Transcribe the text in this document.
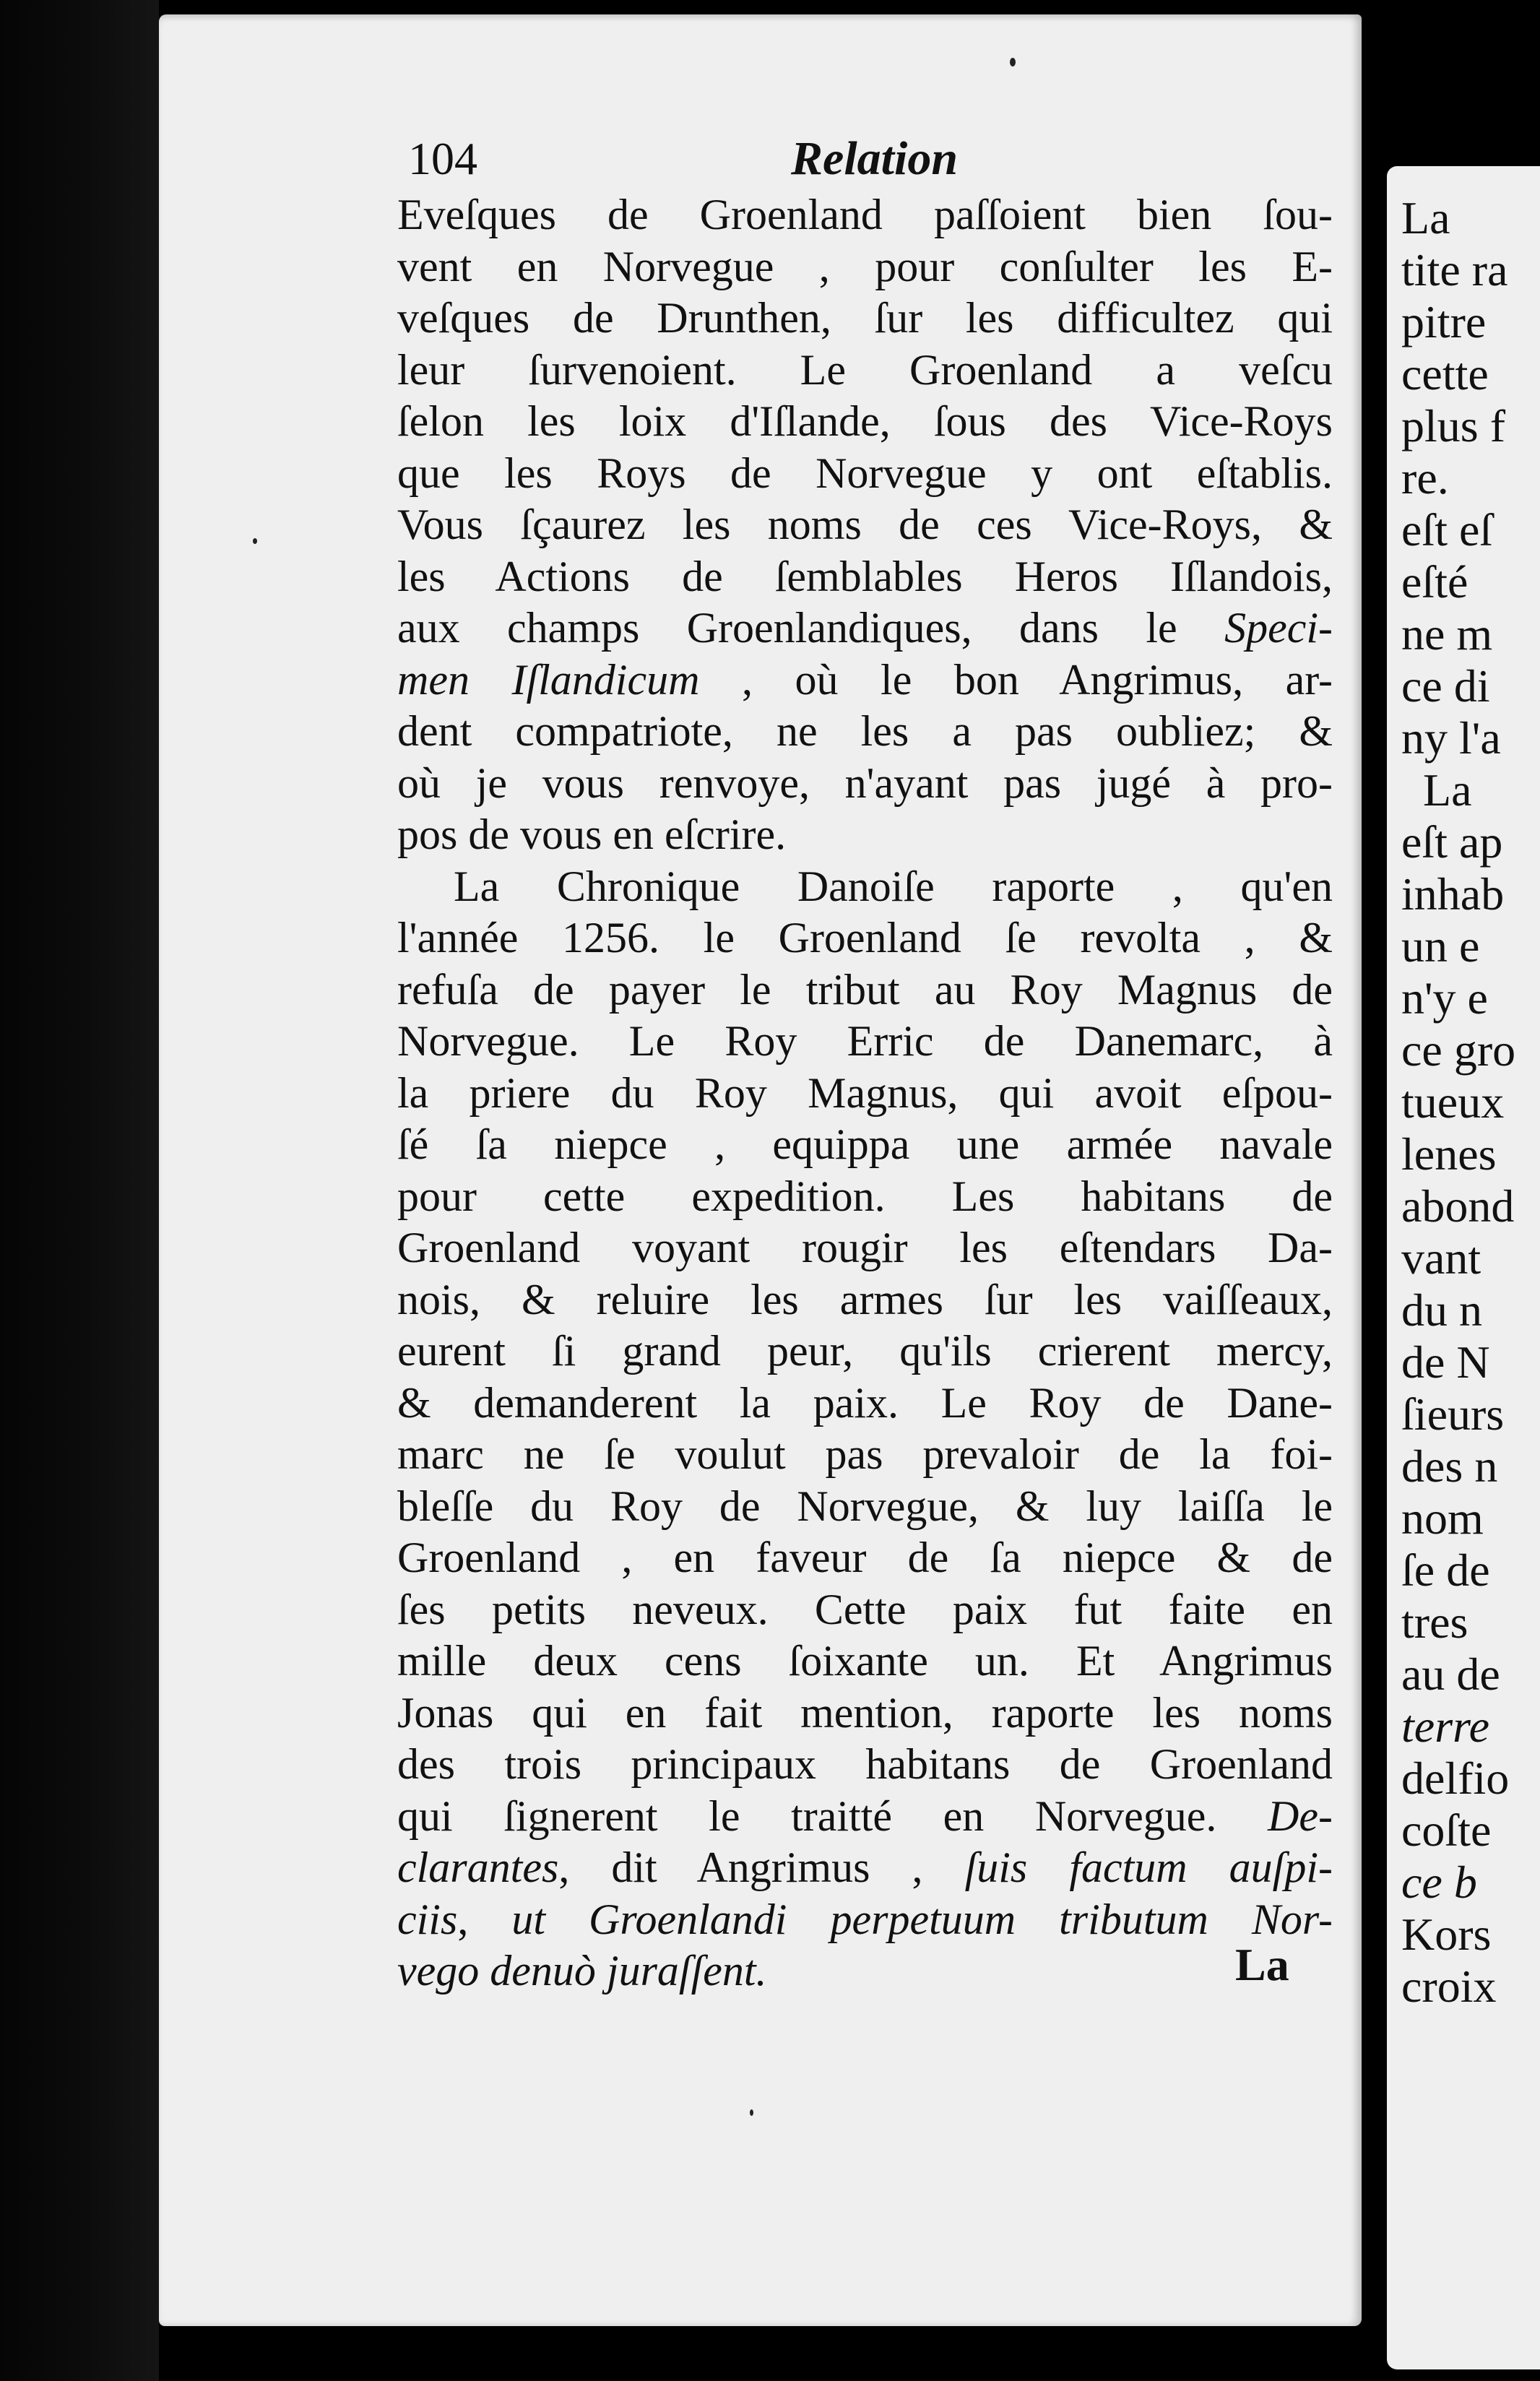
104	Relation
Eveſques de Groenland paſſoient bien ſou-
vent en Norvegue , pour conſulter les E-
veſques de Drunthen, ſur les difficultez qui
leur ſurvenoient. Le Groenland a veſcu
ſelon les loix d'Iſlande, ſous des Vice-Roys
que les Roys de Norvegue y ont eſtablis.
Vous ſçaurez les noms de ces Vice-Roys, &
les Actions de ſemblables Heros Iſlandois,
aux champs Groenlandiques, dans le Speci-
men Iſlandicum , où le bon Angrimus, ar-
dent compatriote, ne les a pas oubliez; &
où je vous renvoye, n'ayant pas jugé à pro-
pos de vous en eſcrire.
La Chronique Danoiſe raporte , qu'en
l'année 1256. le Groenland ſe revolta , &
refuſa de payer le tribut au Roy Magnus de
Norvegue. Le Roy Erric de Danemarc, à
la priere du Roy Magnus, qui avoit eſpou-
ſé ſa niepce , equippa une armée navale
pour cette expedition. Les habitans de
Groenland voyant rougir les eſtendars Da-
nois, & reluire les armes ſur les vaiſſeaux,
eurent ſi grand peur, qu'ils crierent mercy,
& demanderent la paix. Le Roy de Dane-
marc ne ſe voulut pas prevaloir de la foi-
bleſſe du Roy de Norvegue, & luy laiſſa le
Groenland , en faveur de ſa niepce & de
ſes petits neveux. Cette paix fut faite en
mille deux cens ſoixante un. Et Angrimus
Jonas qui en fait mention, raporte les noms
des trois principaux habitans de Groenland
qui ſignerent le traitté en Norvegue. De-
clarantes, dit Angrimus , ſuis factum auſpi-
ciis, ut Groenlandi perpetuum tributum Nor-
vego denuò juraſſent.	La
La
tite ra
pitre
cette
plus f
re.
eſt eſ
eſté
ne m
ce di
ny l'a
La
eſt ap
inhab
un e
n'y e
ce gro
tueux
lenes
abond
vant
du n
de N
ſieurs
des n
nom
ſe de
tres
au de
terre
delfio
coſte
ce b
Kors
croix
